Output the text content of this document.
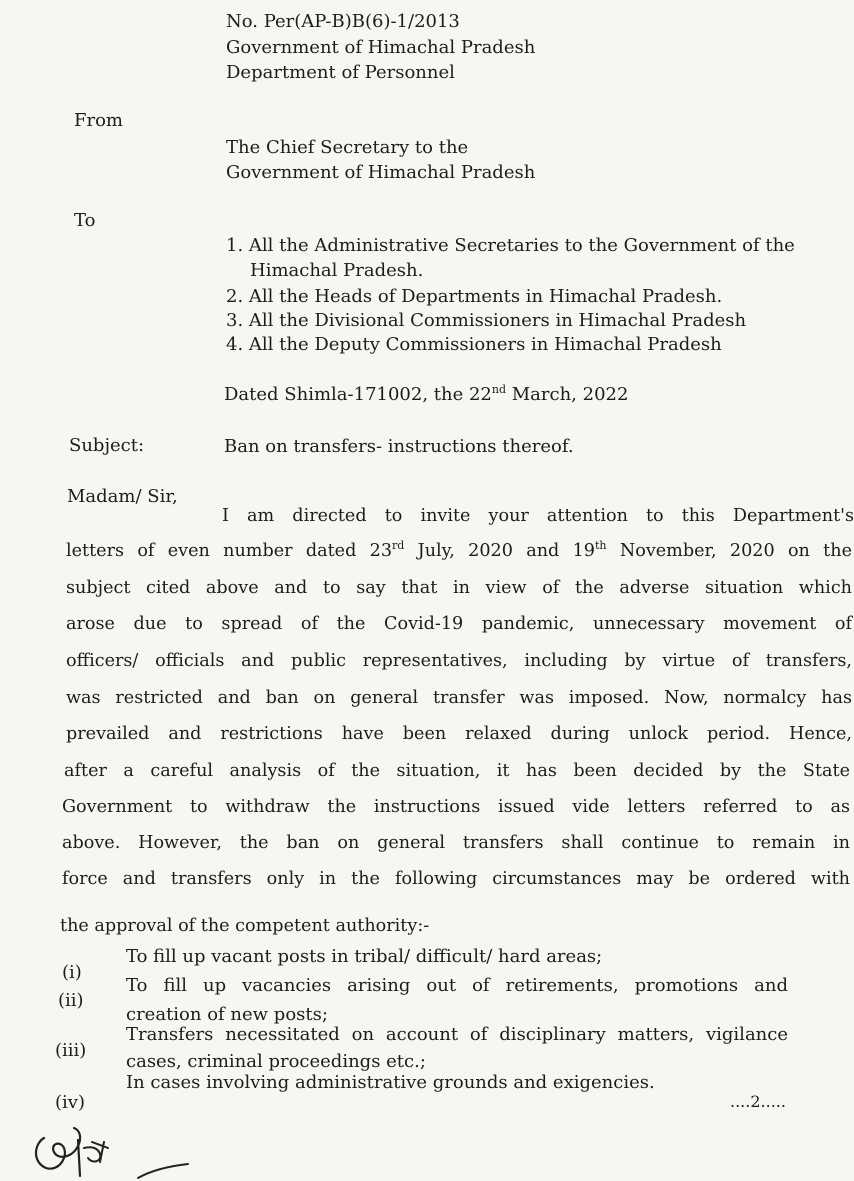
No. Per(AP-B)B(6)-1/2013
Government of Himachal Pradesh
Department of Personnel
From
The Chief Secretary to the
Government of Himachal Pradesh
To
1. All the Administrative Secretaries to the Government of the
Himachal Pradesh.
2. All the Heads of Departments in Himachal Pradesh.
3. All the Divisional Commissioners in Himachal Pradesh
4. All the Deputy Commissioners in Himachal Pradesh
Dated Shimla-171002, the 22nd March, 2022
Subject:	Ban on transfers- instructions thereof.
Madam/ Sir,
I am directed to invite your attention to this Department's
letters of even number dated 23rd July, 2020 and 19th November, 2020 on the
subject cited above and to say that in view of the adverse situation which
arose due to spread of the Covid-19 pandemic, unnecessary movement of
officers/ officials and public representatives, including by virtue of transfers,
was restricted and ban on general transfer was imposed. Now, normalcy has
prevailed and restrictions have been relaxed during unlock period. Hence,
after a careful analysis of the situation, it has been decided by the State
Government to withdraw the instructions issued vide letters referred to as
above. However, the ban on general transfers shall continue to remain in
force and transfers only in the following circumstances may be ordered with
the approval of the competent authority:-
(i)
To fill up vacant posts in tribal/ difficult/ hard areas;
(ii)
To fill up vacancies arising out of retirements, promotions and
creation of new posts;
(iii)
Transfers necessitated on account of disciplinary matters, vigilance
cases, criminal proceedings etc.;
(iv)
In cases involving administrative grounds and exigencies.
....2.....
